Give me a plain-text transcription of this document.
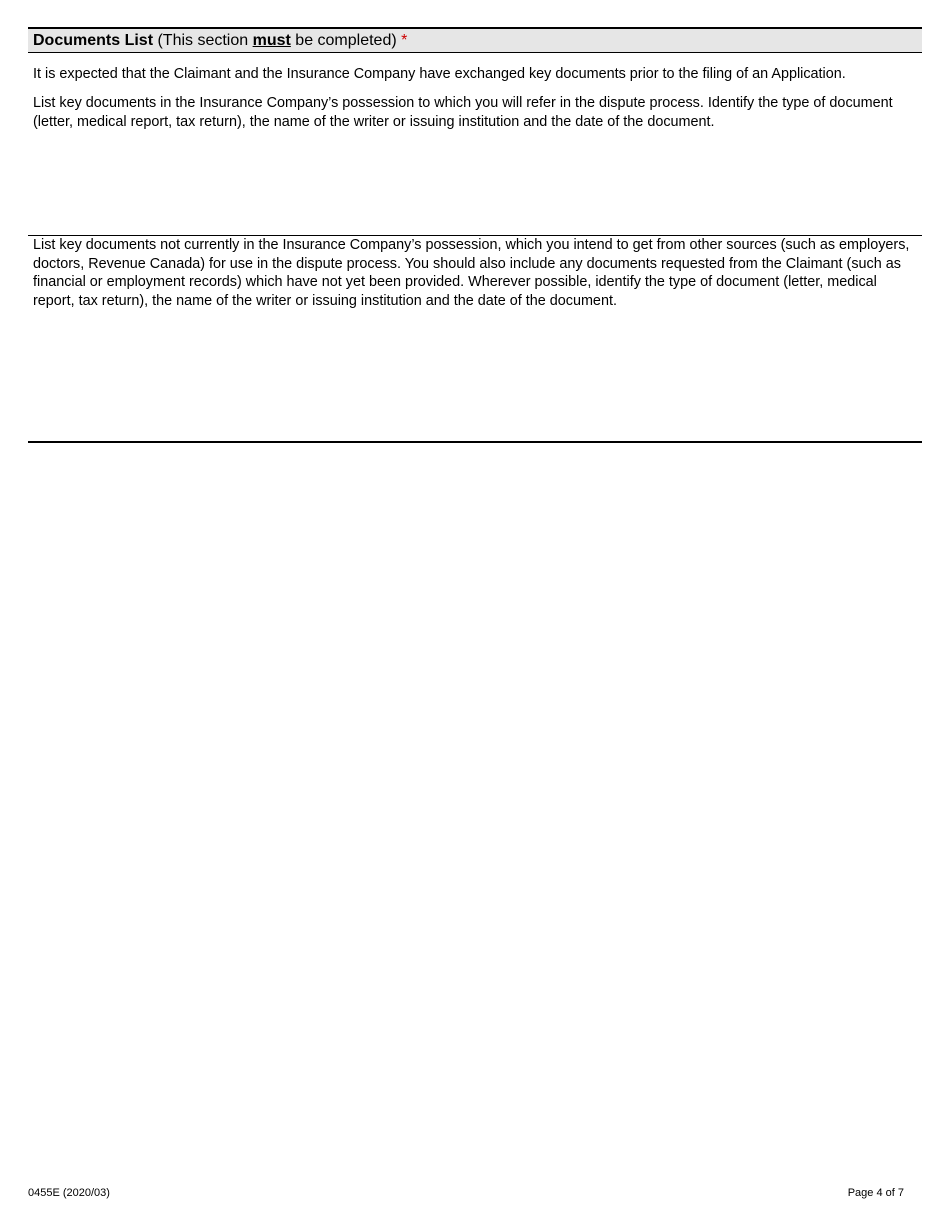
Documents List (This section must be completed) *
It is expected that the Claimant and the Insurance Company have exchanged key documents prior to the filing of an Application.
List key documents in the Insurance Company’s possession to which you will refer in the dispute process. Identify the type of document (letter, medical report, tax return), the name of the writer or issuing institution and the date of the document.
List key documents not currently in the Insurance Company’s possession, which you intend to get from other sources (such as employers, doctors, Revenue Canada) for use in the dispute process. You should also include any documents requested from the Claimant (such as financial or employment records) which have not yet been provided. Wherever possible, identify the type of document (letter, medical report, tax return), the name of the writer or issuing institution and the date of the document.
0455E (2020/03)	Page 4 of 7
